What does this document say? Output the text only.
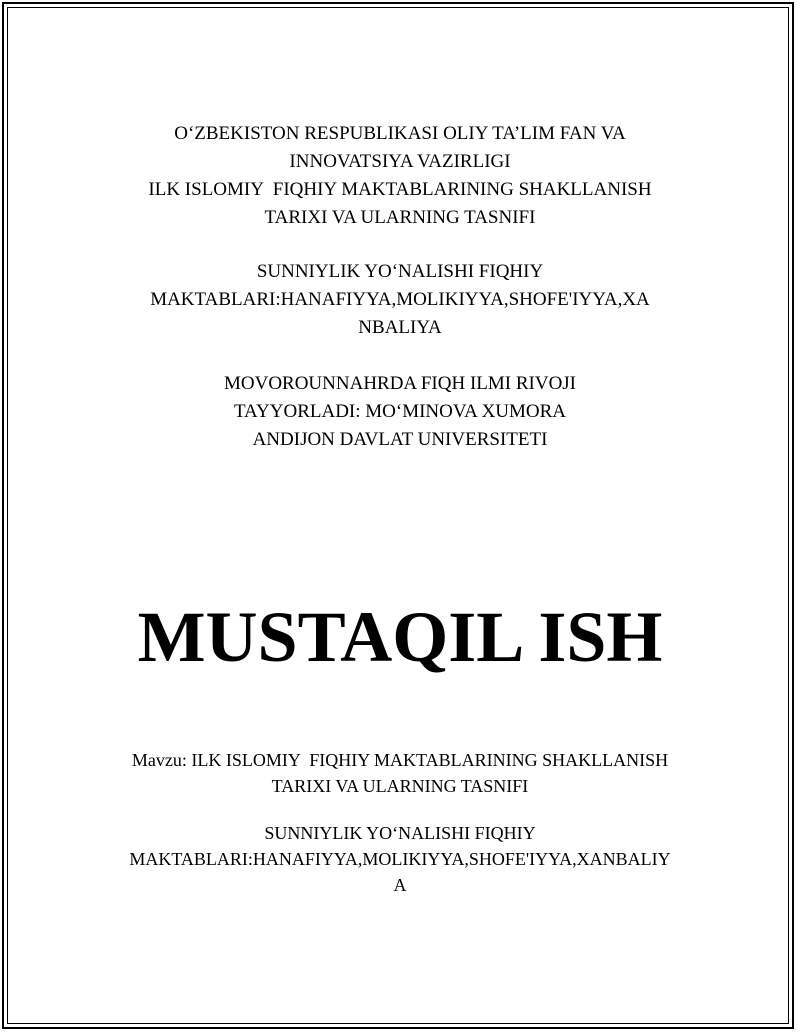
O‘ZBEKISTON RESPUBLIKASI OLIY TA’LIM FAN VA
INNOVATSIYA VAZIRLIGI
ILK ISLOMIY  FIQHIY MAKTABLARINING SHAKLLANISH
TARIXI VA ULARNING TASNIFI
SUNNIYLIK YO‘NALISHI FIQHIY
MAKTABLARI:HANAFIYYA,MOLIKIYYA,SHOFE'IYYA,XA
NBALIYA
MOVOROUNNAHRDA FIQH ILMI RIVOJI
TAYYORLADI: MO‘MINOVA XUMORA
ANDIJON DAVLAT UNIVERSITETI
MUSTAQIL ISH
Mavzu: ILK ISLOMIY  FIQHIY MAKTABLARINING SHAKLLANISH
TARIXI VA ULARNING TASNIFI
SUNNIYLIK YO‘NALISHI FIQHIY
MAKTABLARI:HANAFIYYA,MOLIKIYYA,SHOFE'IYYA,XANBALIY
A
